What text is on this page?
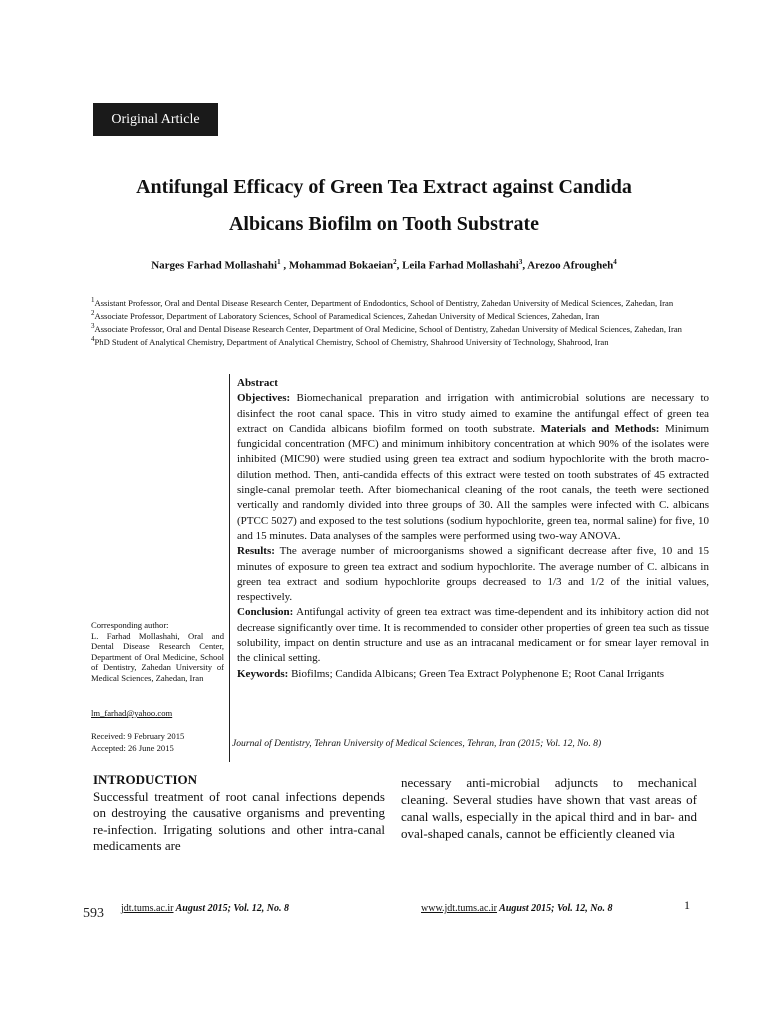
Original Article
Antifungal Efficacy of Green Tea Extract against Candida
Albicans Biofilm on Tooth Substrate
Narges Farhad Mollashahi$^1$ , Mohammad Bokaeian$^2$, Leila Farhad Mollashahi$^3$, Arezoo Afrougheh$^4$
$^1$Assistant Professor, Oral and Dental Disease Research Center, Department of Endodontics, School of Dentistry, Zahedan University of Medical Sciences, Zahedan, Iran
$^2$Associate Professor, Department of Laboratory Sciences, School of Paramedical Sciences, Zahedan University of Medical Sciences, Zahedan, Iran
$^3$Associate Professor, Oral and Dental Disease Research Center, Department of Oral Medicine, School of Dentistry, Zahedan University of Medical Sciences, Zahedan, Iran
$^4$PhD Student of Analytical Chemistry, Department of Analytical Chemistry, School of Chemistry, Shahrood University of Technology, Shahrood, Iran

Abstract

Objectives: Biomechanical preparation and irrigation with antimicrobial solutions are necessary to disinfect the root canal space. This in vitro study aimed to examine the antifungal effect of green tea extract on Candida albicans biofilm formed on tooth substrate. Materials and Methods: Minimum fungicidal concentration (MFC) and minimum inhibitory concentration at which 90% of the isolates were inhibited (MIC90) were studied using green tea extract and sodium hypochlorite with the broth macro-dilution method. Then, anti-candida effects of this extract were tested on tooth substrates of 45 extracted single-canal premolar teeth. After biomechanical cleaning of the root canals, the teeth were sectioned vertically and randomly divided into three groups of 30. All the samples were infected with C. albicans (PTCC 5027) and exposed to the test solutions (sodium hypochlorite, green tea, normal saline) for five, 10 and 15 minutes. Data analyses of the samples were performed using two-way ANOVA.

Results: The average number of microorganisms showed a significant decrease after five, 10 and 15 minutes of exposure to green tea extract and sodium hypochlorite. The average number of C. albicans in green tea extract and sodium hypochlorite groups decreased to 1/3 and 1/2 of the initial values, respectively.

Conclusion: Antifungal activity of green tea extract was time-dependent and its inhibitory action did not decrease significantly over time. It is recommended to consider other properties of green tea such as tissue solubility, impact on dentin structure and use as an intracanal medicament or for smear layer removal in the clinical setting.

Keywords: Biofilms; Candida Albicans; Green Tea Extract Polyphenone E; Root Canal Irrigants

Journal of Dentistry, Tehran University of Medical Sciences, Tehran, Iran (2015; Vol. 12, No. 8)
Corresponding author:
L. Farhad Mollashahi, Oral and Dental Disease Research Center, Department of Oral Medicine, School of Dentistry, Zahedan University of Medical Sciences, Zahedan, Iran
lm_farhad@yahoo.com
Received: 9 February 2015
Accepted: 26 June 2015

INTRODUCTION

Successful treatment of root canal infections depends on destroying the causative organisms and preventing re-infection. Irrigating solutions and other intra-canal medicaments are

necessary anti-microbial adjuncts to mechanical cleaning. Several studies have shown that vast areas of canal walls, especially in the apical third and in bar- and oval-shaped canals, cannot be efficiently cleaned via

593 jdt.tums.ac.ir August 2015; Vol. 12, No. 8	www.jdt.tums.ac.ir August 2015; Vol. 12, No. 8	1
